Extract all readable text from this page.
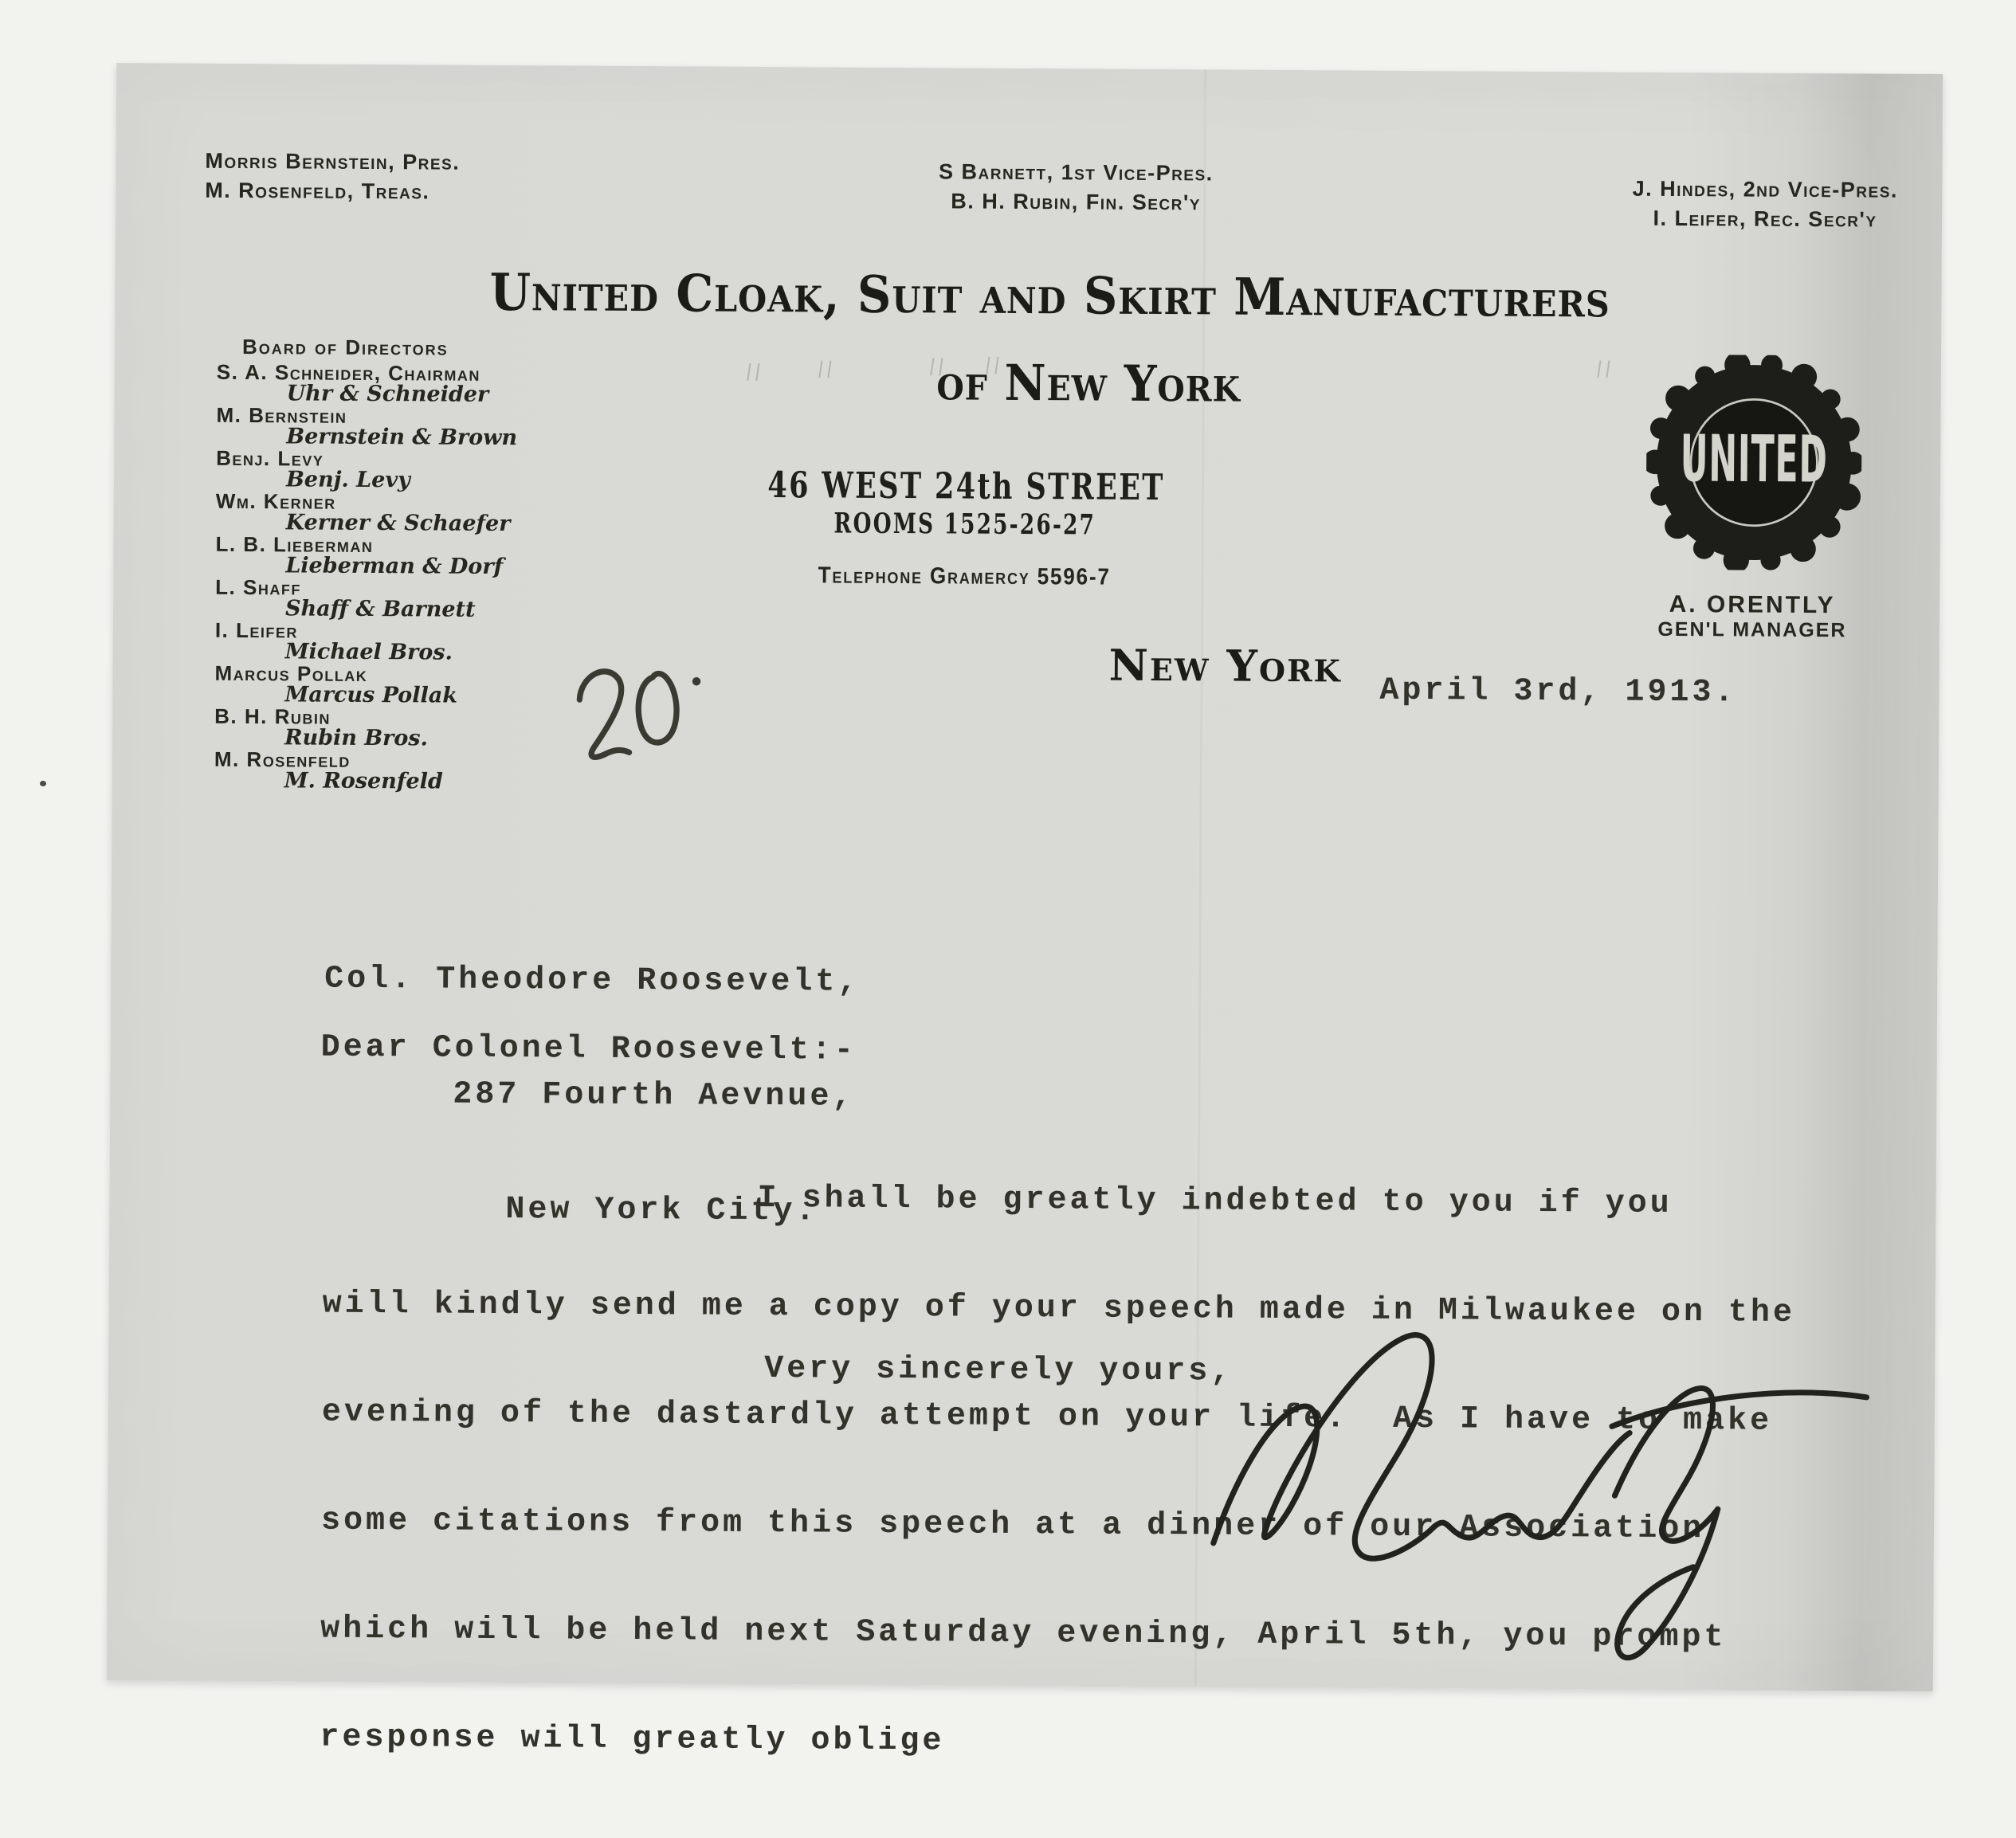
Morris Bernstein, Pres.
M. Rosenfeld, Treas.
S Barnett, 1st Vice-Pres.
B. H. Rubin, Fin. Secr'y	J. Hindes, 2nd Vice-Pres.
I. Leifer, Rec. Secr'y
United Cloak, Suit and Skirt Manufacturers
of New York
Board of Directors
S. A. Schneider, Chairman
Uhr & Schneider
M. Bernstein
Bernstein & Brown
Benj. Levy
Benj. Levy
Wm. Kerner
Kerner & Schaefer
L. B. Lieberman
Lieberman & Dorf
L. Shaff
Shaff & Barnett
I. Leifer
Michael Bros.
Marcus Pollak
Marcus Pollak
B. H. Rubin
Rubin Bros.
M. Rosenfeld
M. Rosenfeld
46 WEST 24th STREET
ROOMS 1525-26-27
Telephone Gramercy 5596-7
UNITED
A. ORENTLY
GEN'L MANAGER
New York
April 3rd, 1913.

Col. Theodore Roosevelt,

287 Fourth Aevnue,

New York City.

Dear Colonel Roosevelt:-

I shall be greatly indebted to you if you

will kindly send me a copy of your speech made in Milwaukee on the

evening of the dastardly attempt on your life.  As I have to make

some citations from this speech at a dinner of our Association

which will be held next Saturday evening, April 5th, you prompt

response will greatly oblige

Very sincerely yours,
